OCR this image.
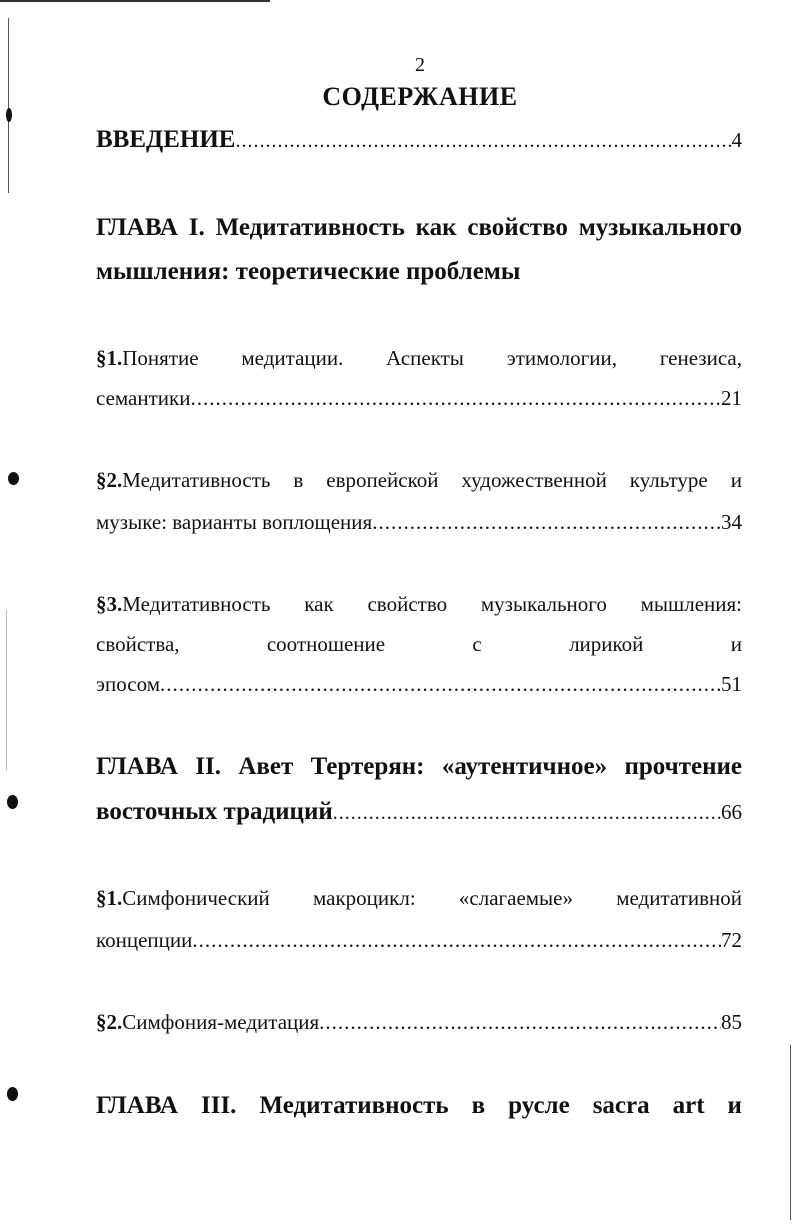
2
СОДЕРЖАНИЕ
ВВЕДЕНИЕ .....	4
ГЛАВА I. Медитативность как свойство музыкального
мышления: теоретические проблемы
§1.Понятие медитации. Аспекты этимологии, генезиса,
семантики .....	21
§2.Медитативность в европейской художественной культуре и
музыке: варианты воплощения .....	34
§3.Медитативность как свойство музыкального мышления:
свойства,	соотношение	с	лирикой	и
эпосом .....	51
ГЛАВА II. Авет Тертерян: «аутентичное» прочтение
восточных традиций .....	66
§1.Симфонический макроцикл: «слагаемые» медитативной
концепции .....	72
§2.Симфония-медитация .....	85
ГЛАВА III. Медитативность в русле sacra art и
